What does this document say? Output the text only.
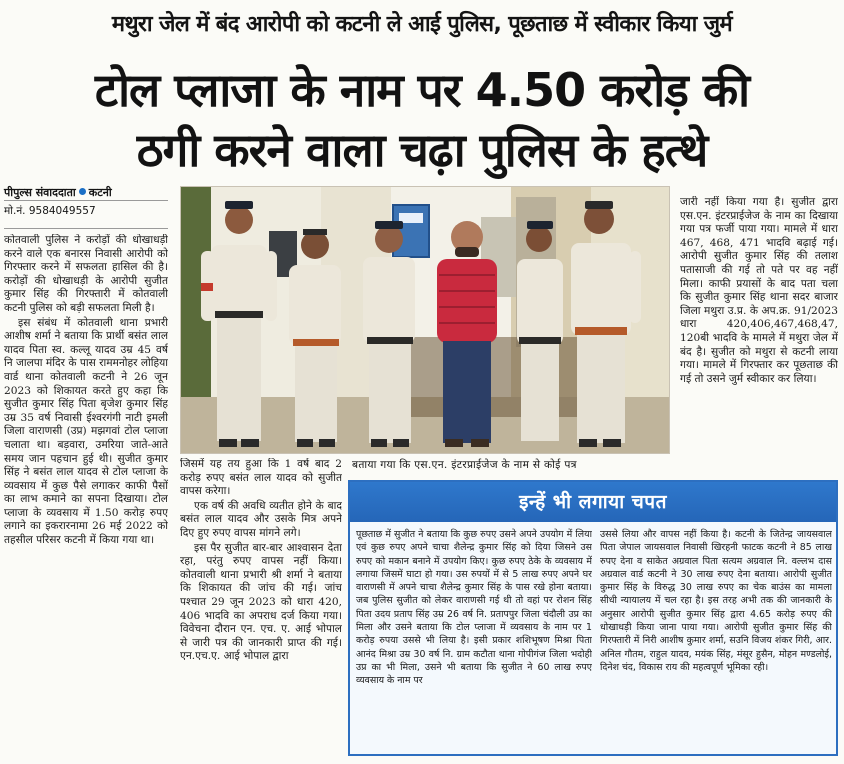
मथुरा जेल में बंद आरोपी को कटनी ले आई पुलिस, पूछताछ में स्वीकार किया जुर्म
टोल प्लाजा के नाम पर 4.50 करोड़ की
ठगी करने वाला चढ़ा पुलिस के हत्थे
पीपुल्स संवाददाता कटनी
मो.नं. 9584049557

कोतवाली पुलिस ने करोड़ों की धोखाधड़ी करने वाले एक बनारस निवासी आरोपी को गिरफ्तार करने में सफलता हासिल की है। करोड़ों की धोखाधड़ी के आरोपी सुजीत कुमार सिंह की गिरफ्तारी में कोतवाली कटनी पुलिस को बड़ी सफलता मिली है।

इस संबंध में कोतवाली थाना प्रभारी आशीष शर्मा ने बताया कि प्रार्थी बसंत लाल यादव पिता स्व. कल्लू यादव उम्र 45 वर्ष नि जालपा मंदिर के पास राममनोहर लोहिया वार्ड थाना कोतवाली कटनी ने 26 जून 2023 को शिकायत करते हुए कहा कि सुजीत कुमार सिंह पिता बृजेश कुमार सिंह उम्र 35 वर्ष निवासी ईश्वरगंगी नाटी इमली जिला वाराणसी (उप्र) मझगवां टोल प्लाजा चलाता था। बड़वारा, उमरिया जाते-आते समय जान पहचान हुई थी। सुजीत कुमार सिंह ने बसंत लाल यादव से टोल प्लाजा के व्यवसाय में कुछ पैसे लगाकर काफी पैसों का लाभ कमाने का सपना दिखाया। टोल प्लाजा के व्यवसाय में 1.50 करोड़ रुपए लगाने का इकरारनामा 26 मई 2022 को तहसील परिसर कटनी में किया गया था।

जिसमें यह तय हुआ कि 1 वर्ष बाद 2 करोड़ रुपए बसंत लाल यादव को सुजीत वापस करेगा।

एक वर्ष की अवधि व्यतीत होने के बाद बसंत लाल यादव और उसके मित्र अपने दिए हुए रुपए वापस मांगने लगे।

इस पैर सुजीत बार-बार आश्वासन देता रहा, परंतु रुपए वापस नहीं किया। कोतवाली थाना प्रभारी श्री शर्मा ने बताया कि शिकायत की जांच की गई। जांच पश्चात 29 जून 2023 को धारा 420, 406 भादवि का अपराध दर्ज किया गया। विवेचना दौरान एन. एच. ए. आई भोपाल से जारी पत्र की जानकारी प्राप्त की गई। एन.एच.ए. आई भोपाल द्वारा

बताया गया कि एस.एन. इंटरप्राईजेज के नाम से कोई पत्र

जारी नहीं किया गया है। सुजीत द्वारा एस.एन. इंटरप्राईजेज के नाम का दिखाया गया पत्र फर्जी पाया गया। मामले में धारा 467, 468, 471 भादवि बढ़ाई गई। आरोपी सुजीत कुमार सिंह की तलाश पतासाजी की गई तो पते पर वह नहीं मिला। काफी प्रयासों के बाद पता चला कि सुजीत कुमार सिंह थाना सदर बाजार जिला मथुरा उ.प्र. के अप.क्र. 91/2023 धारा 420,406,467,468,47, 120बी भादवि के मामले में मथुरा जेल में बंद है। सुजीत को मथुरा से कटनी लाया गया। मामले में गिरफ्तार कर पूछताछ की गई तो उसने जुर्म स्वीकार कर लिया।

इन्हें भी लगाया चपत
पूछताछ में सुजीत ने बताया कि कुछ रुपए उसने अपने उपयोग में लिया एवं कुछ रुपए अपने चाचा शैलेन्द्र कुमार सिंह को दिया जिसने उस रुपए को मकान बनाने में उपयोग किए। कुछ रुपए ठेके के व्यवसाय में लगाया जिसमें घाटा हो गया। उस रुपयों में से 5 लाख रुपए अपने घर वाराणसी में अपने चाचा शैलेन्द्र कुमार सिंह के पास रखे होना बताया। जब पुलिस सुजीत को लेकर वाराणसी गई थी तो वहां पर रोशन सिंह पिता उदय प्रताप सिंह उम्र 26 वर्ष नि. प्रतापपुर जिला चंदौली उप्र का मिला और उसने बताया कि टोल प्लाजा में व्यवसाय के नाम पर 1 करोड़ रुपया उससे भी लिया है। इसी प्रकार शशिभूषण मिश्रा पिता आनंद मिश्रा उम्र 30 वर्ष नि. ग्राम कटौता थाना गोपीगंज जिला भदोही उप्र का भी मिला, उसने भी बताया कि सुजीत ने 60 लाख रुपए व्यवसाय के नाम पर
उससे लिया और वापस नहीं किया है। कटनी के जितेन्द्र जायसवाल पिता जेपाल जायसवाल निवासी खिरहनी फाटक कटनी ने 85 लाख रुपए देना व साकेत अग्रवाल पिता सत्यम अग्रवाल नि. वल्लभ दास अग्रवाल वार्ड कटनी ने 30 लाख रुपए देना बताया। आरोपी सुजीत कुमार सिंह के विरुद्ध 30 लाख रुपए का चेक बाउंस का मामला सीधी न्यायालय में चल रहा है। इस तरह अभी तक की जानकारी के अनुसार आरोपी सुजीत कुमार सिंह द्वारा 4.65 करोड़ रुपए की धोखाधड़ी किया जाना पाया गया। आरोपी सुजीत कुमार सिंह की गिरफ्तारी में निरी आशीष कुमार शर्मा, सउनि विजय शंकर गिरी, आर. अनिल गौतम, राहुल यादव, मयंक सिंह, मंसूर हुसैन, मोहन मण्डलोई, दिनेश चंद, विकास राय की महत्वपूर्ण भूमिका रही।
